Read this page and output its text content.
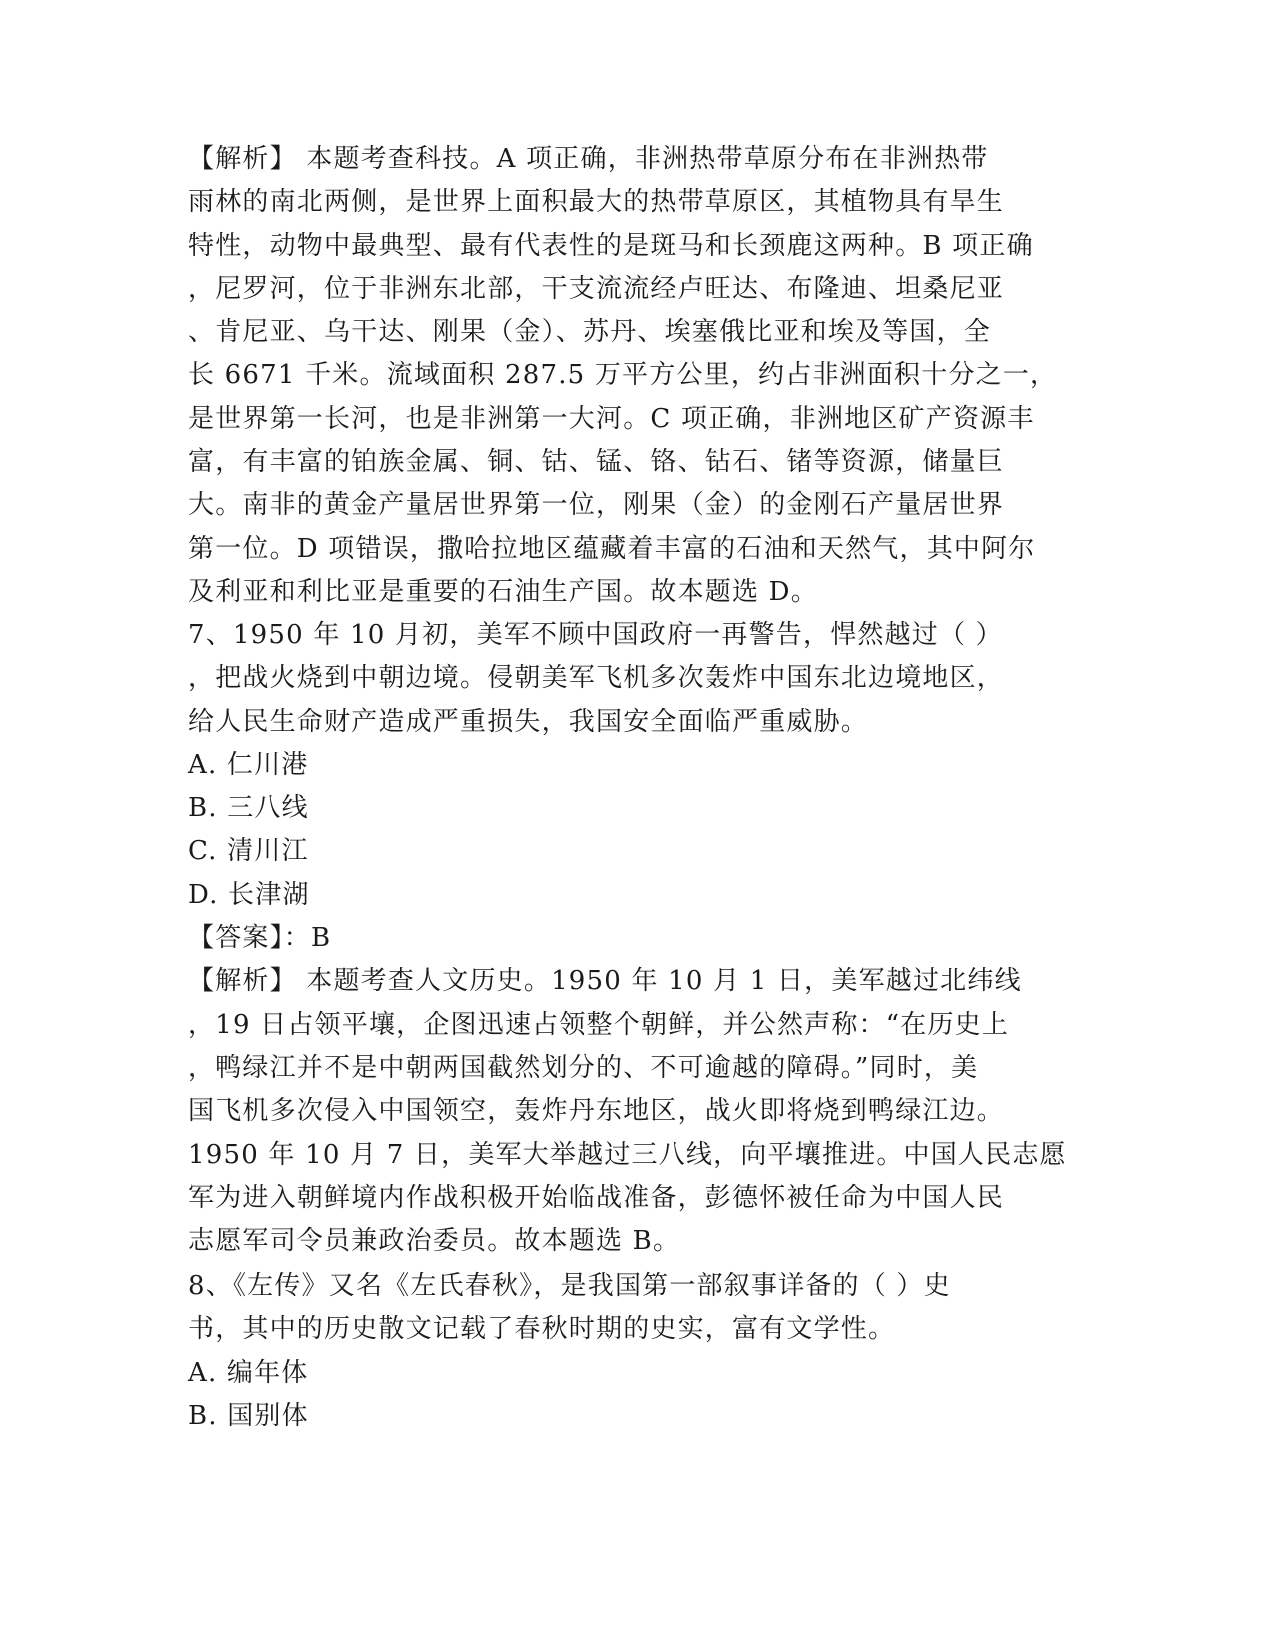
【解析】 本题考查科技。A 项正确，非洲热带草原分布在非洲热带
雨林的南北两侧，是世界上面积最大的热带草原区，其植物具有旱生
特性，动物中最典型、最有代表性的是斑马和长颈鹿这两种。B 项正确
，尼罗河，位于非洲东北部，干支流流经卢旺达、布隆迪、坦桑尼亚
、肯尼亚、乌干达、刚果（金）、苏丹、埃塞俄比亚和埃及等国，全
长 6671 千米。流域面积 287.5 万平方公里，约占非洲面积十分之一，
是世界第一长河，也是非洲第一大河。C 项正确，非洲地区矿产资源丰
富，有丰富的铂族金属、铜、钴、锰、铬、钻石、锗等资源，储量巨
大。南非的黄金产量居世界第一位，刚果（金）的金刚石产量居世界
第一位。D 项错误，撒哈拉地区蕴藏着丰富的石油和天然气，其中阿尔
及利亚和利比亚是重要的石油生产国。故本题选 D。
7、1950 年 10 月初，美军不顾中国政府一再警告，悍然越过（ ）
，把战火烧到中朝边境。侵朝美军飞机多次轰炸中国东北边境地区，
给人民生命财产造成严重损失，我国安全面临严重威胁。
A. 仁川港
B. 三八线
C. 清川江
D. 长津湖
【答案】：B
【解析】 本题考查人文历史。1950 年 10 月 1 日，美军越过北纬线
，19 日占领平壤，企图迅速占领整个朝鲜，并公然声称：“在历史上
，鸭绿江并不是中朝两国截然划分的、不可逾越的障碍。”同时，美
国飞机多次侵入中国领空，轰炸丹东地区，战火即将烧到鸭绿江边。
1950 年 10 月 7 日，美军大举越过三八线，向平壤推进。中国人民志愿
军为进入朝鲜境内作战积极开始临战准备，彭德怀被任命为中国人民
志愿军司令员兼政治委员。故本题选 B。
8、《左传》又名《左氏春秋》，是我国第一部叙事详备的（ ）史
书，其中的历史散文记载了春秋时期的史实，富有文学性。
A. 编年体
B. 国别体
